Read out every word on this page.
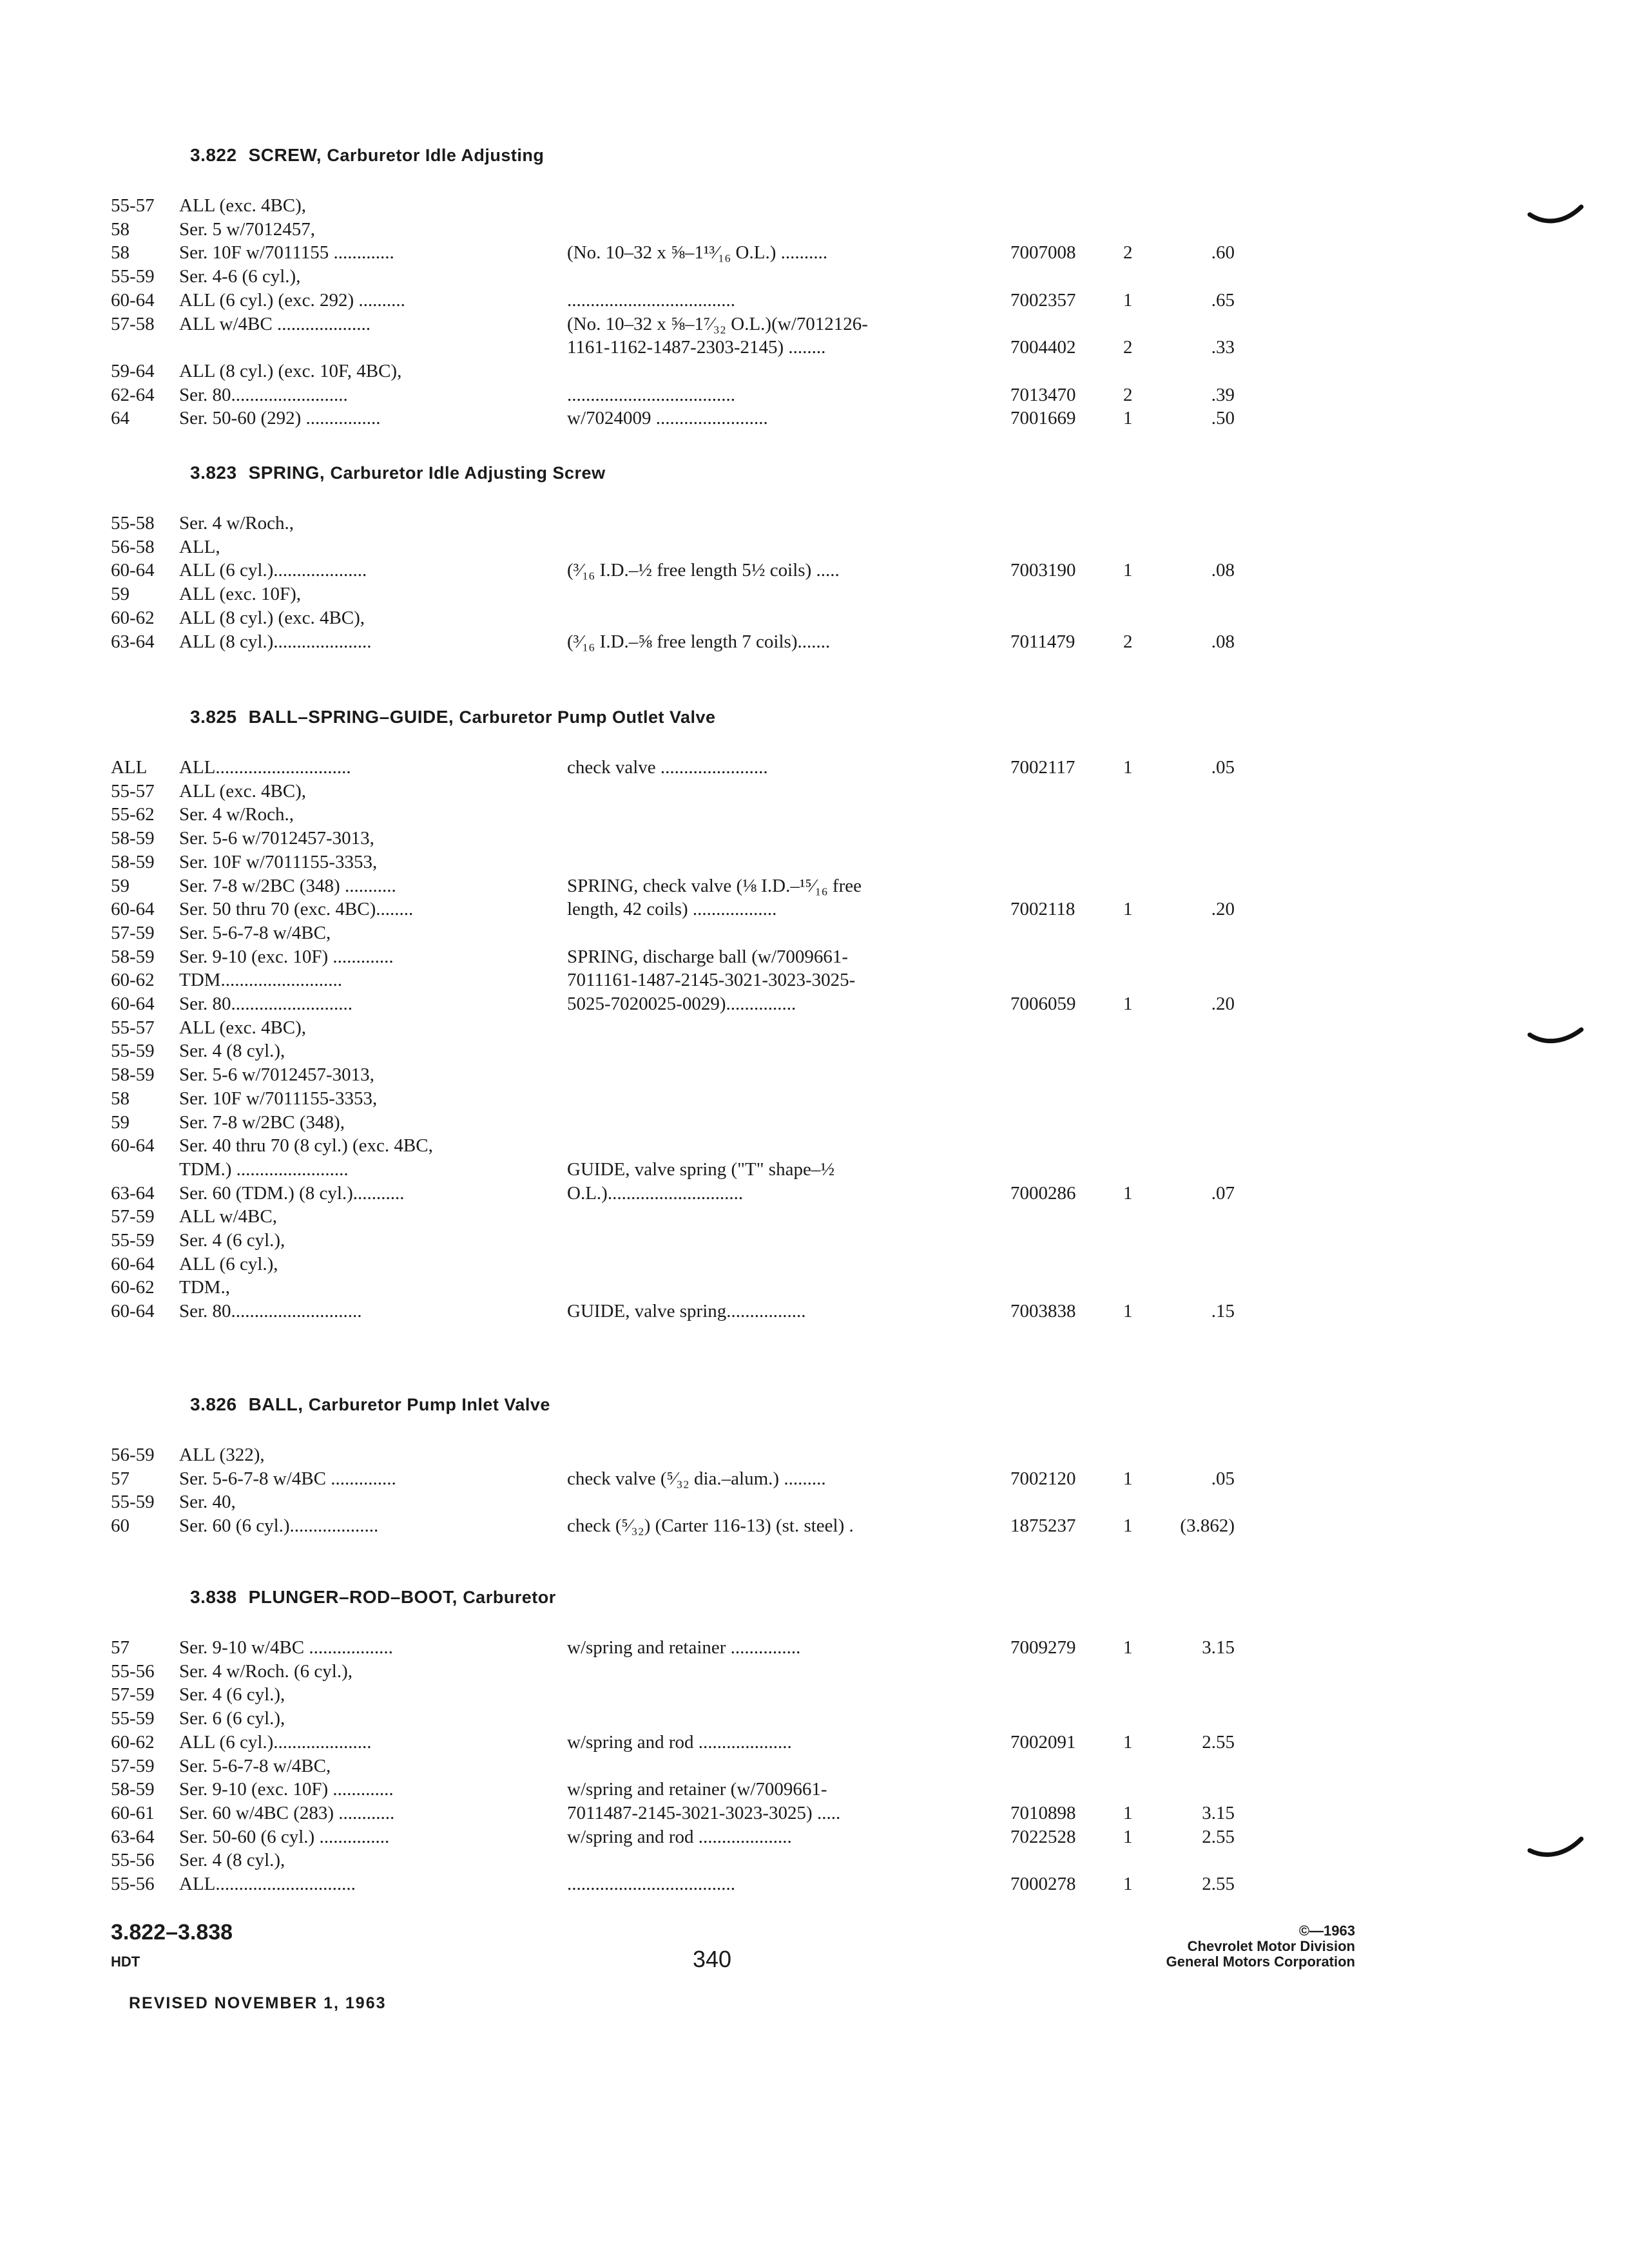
3.822 SCREW, Carburetor Idle Adjusting
55-57 ALL (exc. 4BC),
58	Ser. 5 w/7012457,
58	Ser. 10F w/7011155 .............	(No. 10–32 x ⅝–1¹³⁄₁₆ O.L.) ..........	7007008	2	.60
55-59 Ser. 4-6 (6 cyl.),
60-64 ALL (6 cyl.) (exc. 292) ..........	....................................	7002357	1	.65
57-58 ALL w/4BC ....................	(No. 10–32 x ⅝–1⁷⁄₃₂ O.L.)(w/7012126-
1161-1162-1487-2303-2145) ........	7004402	2	.33
59-64 ALL (8 cyl.) (exc. 10F, 4BC),
62-64 Ser. 80.........................	....................................	7013470	2	.39
64	Ser. 50-60 (292) ................	w/7024009 ........................	7001669	1	.50
3.823 SPRING, Carburetor Idle Adjusting Screw
55-58 Ser. 4 w/Roch.,
56-58 ALL,
60-64 ALL (6 cyl.)....................	(³⁄₁₆ I.D.–½ free length 5½ coils) .....	7003190	1	.08
59	ALL (exc. 10F),
60-62 ALL (8 cyl.) (exc. 4BC),
63-64 ALL (8 cyl.).....................	(³⁄₁₆ I.D.–⅝ free length 7 coils).......	7011479	2	.08
3.825 BALL–SPRING–GUIDE, Carburetor Pump Outlet Valve
ALL ALL.............................	check valve .......................	7002117	1	.05
55-57 ALL (exc. 4BC),
55-62 Ser. 4 w/Roch.,
58-59 Ser. 5-6 w/7012457-3013,
58-59 Ser. 10F w/7011155-3353,
59	Ser. 7-8 w/2BC (348) ...........	SPRING, check valve (⅛ I.D.–¹⁵⁄₁₆ free
60-64 Ser. 50 thru 70 (exc. 4BC)........	length, 42 coils) ..................	7002118	1	.20
57-59 Ser. 5-6-7-8 w/4BC,
58-59 Ser. 9-10 (exc. 10F) .............	SPRING, discharge ball (w/7009661-
60-62 TDM..........................	7011161-1487-2145-3021-3023-3025-
60-64 Ser. 80..........................	5025-7020025-0029)...............	7006059	1	.20
55-57 ALL (exc. 4BC),
55-59 Ser. 4 (8 cyl.),
58-59 Ser. 5-6 w/7012457-3013,
58	Ser. 10F w/7011155-3353,
59	Ser. 7-8 w/2BC (348),
60-64 Ser. 40 thru 70 (8 cyl.) (exc. 4BC,
TDM.) ........................	GUIDE, valve spring ("T" shape–½
63-64 Ser. 60 (TDM.) (8 cyl.)...........	O.L.).............................	7000286	1	.07
57-59 ALL w/4BC,
55-59 Ser. 4 (6 cyl.),
60-64 ALL (6 cyl.),
60-62 TDM.,
60-64 Ser. 80............................	GUIDE, valve spring.................	7003838	1	.15
3.826 BALL, Carburetor Pump Inlet Valve
56-59 ALL (322),
57	Ser. 5-6-7-8 w/4BC ..............	check valve (⁵⁄₃₂ dia.–alum.) .........	7002120	1	.05
55-59 Ser. 40,
60	Ser. 60 (6 cyl.)...................	check (⁵⁄₃₂) (Carter 116-13) (st. steel) .	1875237	1	(3.862)
3.838 PLUNGER–ROD–BOOT, Carburetor
57	Ser. 9-10 w/4BC ..................	w/spring and retainer ...............	7009279	1	3.15
55-56 Ser. 4 w/Roch. (6 cyl.),
57-59 Ser. 4 (6 cyl.),
55-59 Ser. 6 (6 cyl.),
60-62 ALL (6 cyl.).....................	w/spring and rod ....................	7002091	1	2.55
57-59 Ser. 5-6-7-8 w/4BC,
58-59 Ser. 9-10 (exc. 10F) .............	w/spring and retainer (w/7009661-
60-61 Ser. 60 w/4BC (283) ............	7011487-2145-3021-3023-3025) .....	7010898	1	3.15
63-64 Ser. 50-60 (6 cyl.) ...............	w/spring and rod ....................	7022528	1	2.55
55-56 Ser. 4 (8 cyl.),
55-56 ALL..............................	....................................	7000278	1	2.55
3.822–3.838
HDT
REVISED NOVEMBER 1, 1963
340
©—1963
Chevrolet Motor Division
General Motors Corporation
